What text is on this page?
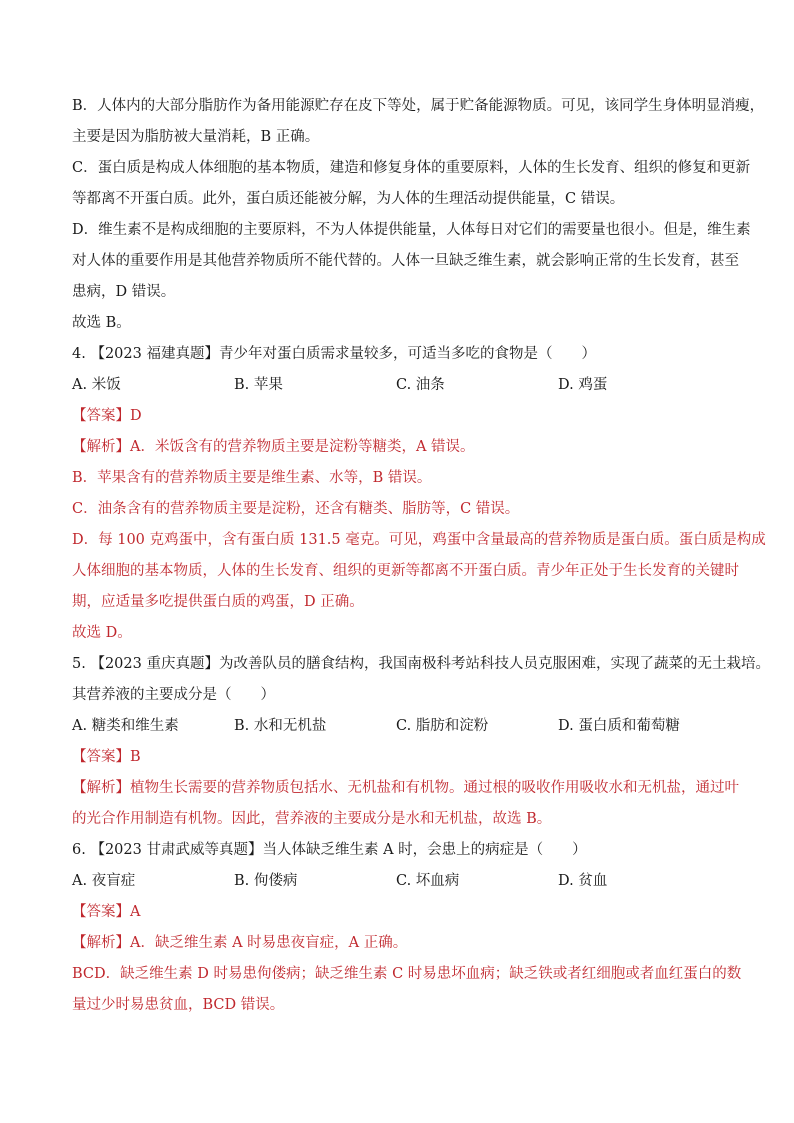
B．人体内的大部分脂肪作为备用能源贮存在皮下等处，属于贮备能源物质。可见，该同学生身体明显消瘦，

主要是因为脂肪被大量消耗，B 正确。

C．蛋白质是构成人体细胞的基本物质，建造和修复身体的重要原料，人体的生长发育、组织的修复和更新

等都离不开蛋白质。此外，蛋白质还能被分解，为人体的生理活动提供能量，C 错误。

D．维生素不是构成细胞的主要原料，不为人体提供能量，人体每日对它们的需要量也很小。但是，维生素

对人体的重要作用是其他营养物质所不能代替的。人体一旦缺乏维生素，就会影响正常的生长发育，甚至

患病，D 错误。

故选 B。

4. 【2023 福建真题】青少年对蛋白质需求量较多，可适当多吃的食物是（　　）

A. 米饭	B. 苹果	C. 油条	D. 鸡蛋

【答案】D

【解析】A．米饭含有的营养物质主要是淀粉等糖类，A 错误。

B．苹果含有的营养物质主要是维生素、水等，B 错误。

C．油条含有的营养物质主要是淀粉，还含有糖类、脂肪等，C 错误。

D．每 100 克鸡蛋中，含有蛋白质 131.5 毫克。可见，鸡蛋中含量最高的营养物质是蛋白质。蛋白质是构成

人体细胞的基本物质，人体的生长发育、组织的更新等都离不开蛋白质。青少年正处于生长发育的关键时

期，应适量多吃提供蛋白质的鸡蛋，D 正确。

故选 D。

5. 【2023 重庆真题】为改善队员的膳食结构，我国南极科考站科技人员克服困难，实现了蔬菜的无土栽培。

其营养液的主要成分是（　　）

A. 糖类和维生素	B. 水和无机盐	C. 脂肪和淀粉	D. 蛋白质和葡萄糖

【答案】B

【解析】植物生长需要的营养物质包括水、无机盐和有机物。通过根的吸收作用吸收水和无机盐，通过叶

的光合作用制造有机物。因此，营养液的主要成分是水和无机盐，故选 B。

6. 【2023 甘肃武威等真题】当人体缺乏维生素 A 时，会患上的病症是（　　）

A. 夜盲症	B. 佝偻病	C. 坏血病	D. 贫血

【答案】A

【解析】A．缺乏维生素 A 时易患夜盲症，A 正确。

BCD．缺乏维生素 D 时易患佝偻病；缺乏维生素 C 时易患坏血病；缺乏铁或者红细胞或者血红蛋白的数

量过少时易患贫血，BCD 错误。
